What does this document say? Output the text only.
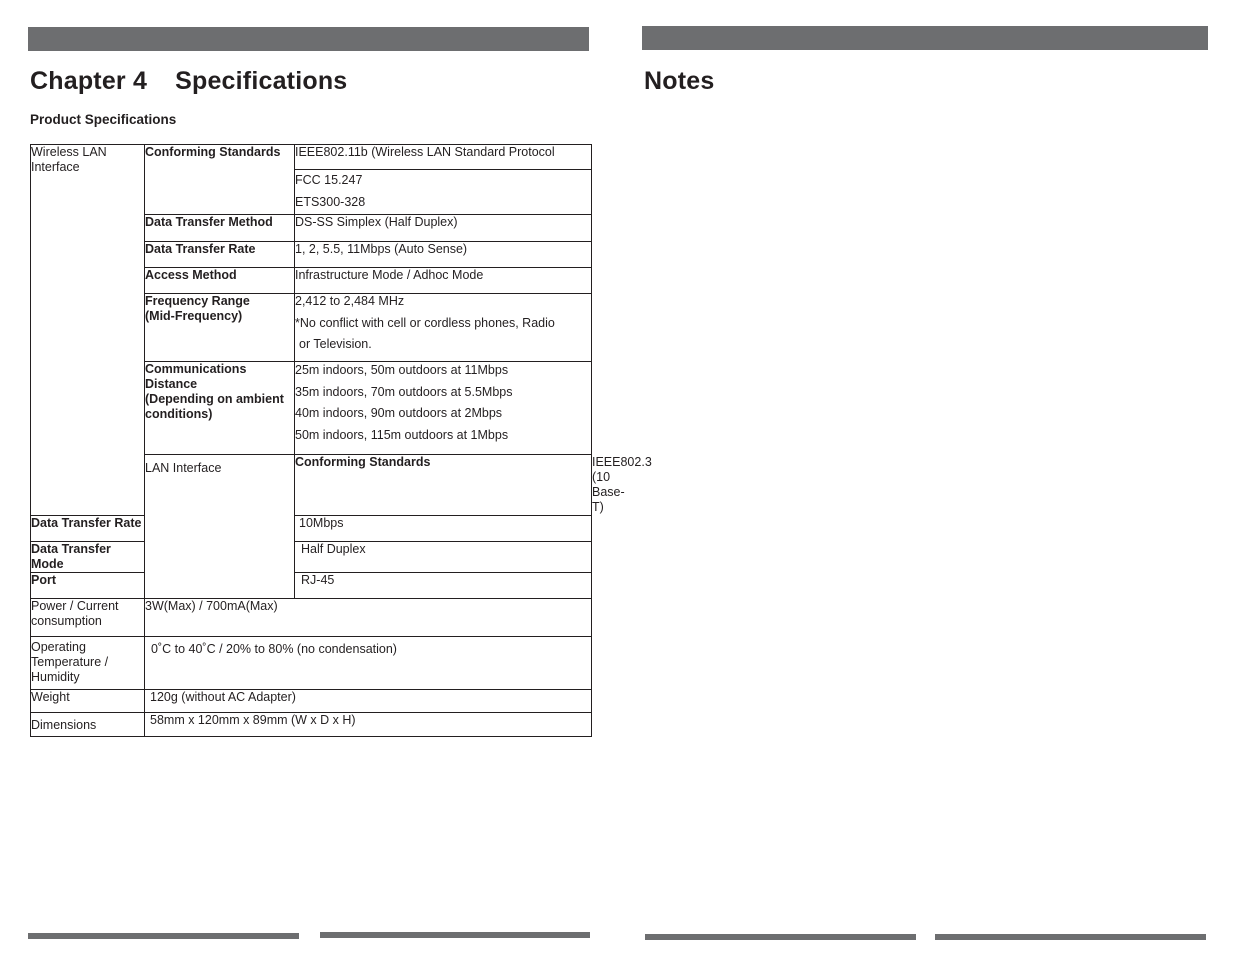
Chapter 4 Specifications
Product Specifications
Notes
Wireless LAN Interface	Conforming Standards	IEEE802.11b (Wireless LAN Standard Protocol	

		FCC 15.247
ETS300-328	

	Data Transfer Method	DS-SS Simplex (Half Duplex)	
	Data Transfer Rate	1, 2, 5.5, 11Mbps (Auto Sense)	
	Access Method	Infrastructure Mode / Adhoc Mode	

	Frequency Range
(Mid-Frequency)	2,412 to 2,484 MHz
*No conflict with cell or cordless phones, Radio
or Television.	

	Communications
Distance
(Depending on ambient
conditions)	25m indoors, 50m outdoors at 11Mbps
35m indoors, 70m outdoors at 5.5Mbps
40m indoors, 90m outdoors at 2Mbps
50m indoors, 115m outdoors at 1Mbps	

	LAN Interface	Conforming Standards	IEEE802.3 (10 Base-T)
Data Transfer Rate		10Mbps	
Data Transfer Mode		Half Duplex	
Port		RJ-45	

Power / Current
consumption	3W(Max) / 700mA(Max)		

Operating
Temperature /
Humidity	0˚C to 40˚C / 20% to 80% (no condensation)		
Weight	120g (without AC Adapter)		
Dimensions	58mm x 120mm x 89mm (W x D x H)		
